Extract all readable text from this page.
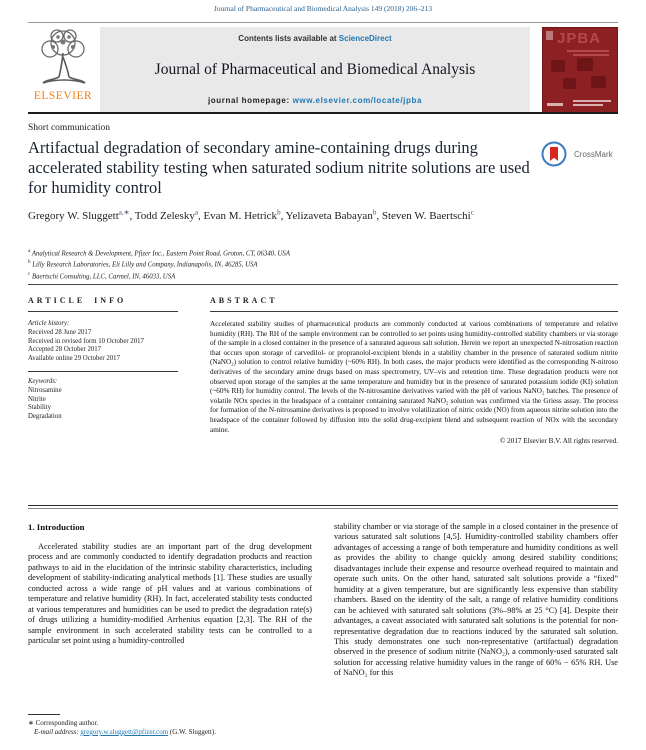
Journal of Pharmaceutical and Biomedical Analysis 149 (2018) 206–213
ELSEVIER
Contents lists available at ScienceDirect
Journal of Pharmaceutical and Biomedical Analysis
journal homepage: www.elsevier.com/locate/jpba
JPBA
Short communication
Artifactual degradation of secondary amine-containing drugs during accelerated stability testing when saturated sodium nitrite solutions are used for humidity control
CrossMark
Gregory W. Sluggett$^{a,∗}$, Todd Zelesky$^a$, Evan M. Hetrick$^b$, Yelizaveta Babayan$^b$, Steven W. Baertschi$^c$
$^a$ Analytical Research & Development, Pfizer Inc., Eastern Point Road, Groton, CT, 06340, USA
$^b$ Lilly Research Laboratories, Eli Lilly and Company, Indianapolis, IN, 46285, USA
$^c$ Baertschi Consulting, LLC, Carmel, IN, 46033, USA
ARTICLE INFO
Article history:
Received 28 June 2017
Received in revised form 10 October 2017
Accepted 28 October 2017
Available online 29 October 2017
Keywords:
Nitrosamine
Nitrite
Stability
Degradation
ABSTRACT
Accelerated stability studies of pharmaceutical products are commonly conducted at various combinations of temperature and relative humidity (RH). The RH of the sample environment can be controlled to set points using humidity-controlled stability chambers or via storage of the sample in a closed container in the presence of a saturated aqueous salt solution. Herein we report an unexpected N-nitrosation reaction that occurs upon storage of carvedilol- or propranolol-excipient blends in a stability chamber in the presence of saturated sodium nitrite (NaNO₂) solution to control relative humidity (~60% RH). In both cases, the major products were identified as the corresponding N-nitroso derivatives of the secondary amine drugs based on mass spectrometry, UV–vis and retention time. These degradation products were not observed upon storage of the samples at the same temperature and humidity but in the presence of saturated potassium iodide (KI) solution (~60% RH) for humidity control. The levels of the N-nitrosamine derivatives varied with the pH of various NaNO₂ batches. The presence of volatile NOx species in the headspace of a container containing saturated NaNO₂ solution was confirmed via the Griess assay. The process for formation of the N-nitrosamine derivatives is proposed to involve volatilization of nitric oxide (NO) from aqueous nitrite solution into the headspace of the container followed by diffusion into the solid drug-excipient blend and subsequent reaction of NOx with the secondary amine.
© 2017 Elsevier B.V. All rights reserved.
1. Introduction

Accelerated stability studies are an important part of the drug development process and are commonly conducted to identify degradation products and reaction pathways to aid in the elucidation of the intrinsic stability characteristics, including development of stability-indicating analytical methods [1]. These studies are usually conducted across a wide range of pH values and at various combinations of temperature and relative humidity (RH). In fact, accelerated stability tests conducted at various temperatures and humidities can be used to predict the degradation rate(s) of drugs utilizing a humidity-modified Arrhenius equation [2,3]. The RH of the sample environment in such accelerated stability tests can be controlled to a particular set point using a humidity-controlled

stability chamber or via storage of the sample in a closed container in the presence of various saturated salt solutions [4,5]. Humidity-controlled stability chambers offer advantages of accessing a range of both temperature and humidity conditions as well as provides the ability to change quickly among desired stability conditions; disadvantages include their expense and resource overhead required to maintain and operate such units. On the other hand, saturated salt solutions provide a “fixed” humidity at a given temperature, but are significantly less expensive than stability chambers. Based on the identity of the salt, a range of relative humidity conditions can be achieved with saturated salt solutions (3%–98% at 25 °C) [4]. Despite their advantages, a caveat associated with saturated salt solutions is the potential for non-representative degradation due to reactions induced by the saturated salt solution. This study demonstrates one such non-representative (artifactual) degradation observed in the presence of sodium nitrite (NaNO₂), a commonly-used saturated salt solution for accessing relative humidity values in the range of 60% − 65% RH. Use of NaNO₂ for this

∗ Corresponding author.
E-mail address: gregory.w.sluggett@pfizer.com (G.W. Sluggett).
